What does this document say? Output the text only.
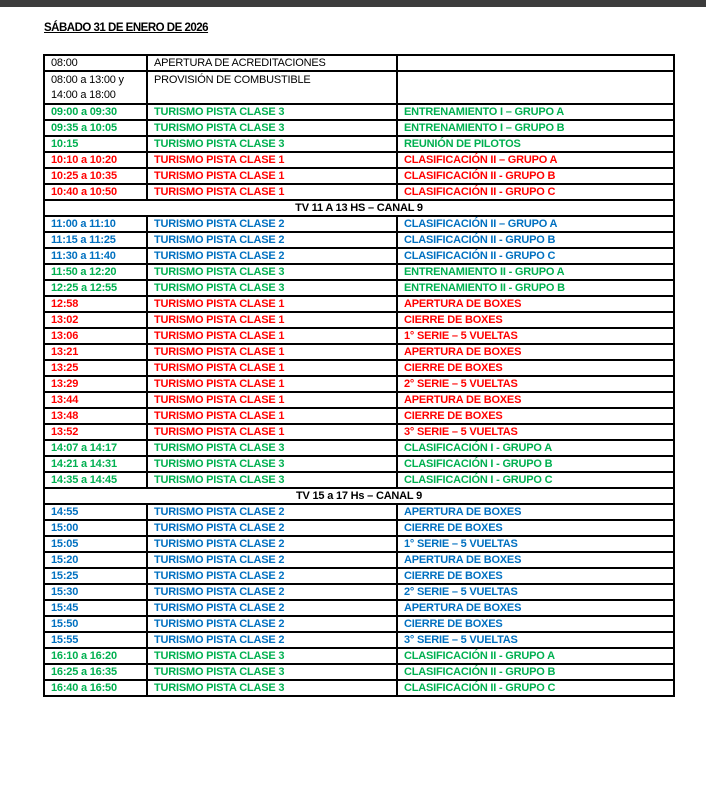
SÁBADO 31 DE ENERO DE 2026
08:00	APERTURA DE ACREDITACIONES	
08:00 a 13:00 y 14:00 a 18:00	PROVISIÓN DE COMBUSTIBLE	
09:00 a 09:30	TURISMO PISTA CLASE 3	ENTRENAMIENTO I – GRUPO A
09:35 a 10:05	TURISMO PISTA CLASE 3	ENTRENAMIENTO I – GRUPO B
10:15	TURISMO PISTA CLASE 3	REUNIÓN DE PILOTOS
10:10 a 10:20	TURISMO PISTA CLASE 1	CLASIFICACIÓN II – GRUPO A
10:25 a 10:35	TURISMO PISTA CLASE 1	CLASIFICACIÓN II - GRUPO B
10:40 a 10:50	TURISMO PISTA CLASE 1	CLASIFICACIÓN II - GRUPO C
TV 11 A 13 HS – CANAL 9		
11:00 a 11:10	TURISMO PISTA CLASE 2	CLASIFICACIÓN II – GRUPO A
11:15 a 11:25	TURISMO PISTA CLASE 2	CLASIFICACIÓN II - GRUPO B
11:30 a 11:40	TURISMO PISTA CLASE 2	CLASIFICACIÓN II - GRUPO C
11:50 a 12:20	TURISMO PISTA CLASE 3	ENTRENAMIENTO II - GRUPO A
12:25 a 12:55	TURISMO PISTA CLASE 3	ENTRENAMIENTO II - GRUPO B
12:58	TURISMO PISTA CLASE 1	APERTURA DE BOXES
13:02	TURISMO PISTA CLASE 1	CIERRE DE BOXES
13:06	TURISMO PISTA CLASE 1	1° SERIE – 5 VUELTAS
13:21	TURISMO PISTA CLASE 1	APERTURA DE BOXES
13:25	TURISMO PISTA CLASE 1	CIERRE DE BOXES
13:29	TURISMO PISTA CLASE 1	2° SERIE – 5 VUELTAS
13:44	TURISMO PISTA CLASE 1	APERTURA DE BOXES
13:48	TURISMO PISTA CLASE 1	CIERRE DE BOXES
13:52	TURISMO PISTA CLASE 1	3° SERIE – 5 VUELTAS
14:07 a 14:17	TURISMO PISTA CLASE 3	CLASIFICACIÓN I - GRUPO A
14:21 a 14:31	TURISMO PISTA CLASE 3	CLASIFICACIÓN I - GRUPO B
14:35 a 14:45	TURISMO PISTA CLASE 3	CLASIFICACIÓN I - GRUPO C
TV 15 a 17 Hs – CANAL 9		
14:55	TURISMO PISTA CLASE 2	APERTURA DE BOXES
15:00	TURISMO PISTA CLASE 2	CIERRE DE BOXES
15:05	TURISMO PISTA CLASE 2	1° SERIE – 5 VUELTAS
15:20	TURISMO PISTA CLASE 2	APERTURA DE BOXES
15:25	TURISMO PISTA CLASE 2	CIERRE DE BOXES
15:30	TURISMO PISTA CLASE 2	2° SERIE – 5 VUELTAS
15:45	TURISMO PISTA CLASE 2	APERTURA DE BOXES
15:50	TURISMO PISTA CLASE 2	CIERRE DE BOXES
15:55	TURISMO PISTA CLASE 2	3° SERIE – 5 VUELTAS
16:10 a 16:20	TURISMO PISTA CLASE 3	CLASIFICACIÓN II - GRUPO A
16:25 a 16:35	TURISMO PISTA CLASE 3	CLASIFICACIÓN II - GRUPO B
16:40 a 16:50	TURISMO PISTA CLASE 3	CLASIFICACIÓN II - GRUPO C
